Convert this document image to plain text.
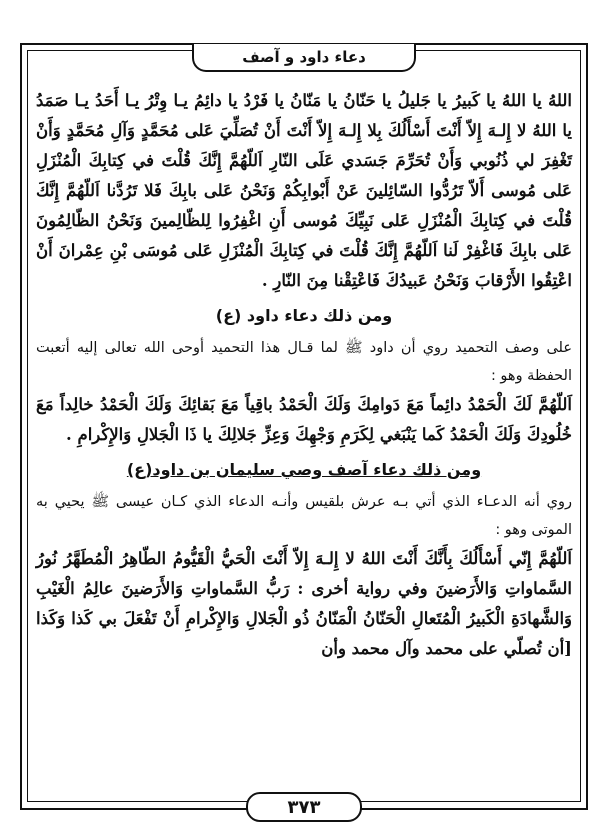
دعاء داود و آصف

اللهُ يا اللهُ يا كَبيرُ يا جَليلُ يا حَنّانُ يا مَنّانُ يا فَرْدُ يا دائِمُ يـا وِتْرُ يـا أَحَدُ يـا صَمَدُ يا اللهُ لا إِلـهَ إِلاّ أَنْتَ أَسْأَلُكَ بِلا إِلـهَ إِلاّ أَنْتَ أَنْ تُصَلِّيَ عَلى مُحَمَّدٍ وَآلِ مُحَمَّدٍ وَأَنْ تَغْفِرَ لي ذُنُوبي وَأَنْ تُحَرِّمَ جَسَدي عَلَى النّارِ اَللّهُمَّ إِنَّكَ قُلْتَ في كِتابِكَ الْمُنْزَلِ عَلى مُوسى أَلاّ تَرُدُّوا السّائِلينَ عَنْ أَبْوابِكُمْ وَنَحْنُ عَلى بابِكَ فَلا تَرُدَّنا اَللّهُمَّ إِنَّكَ قُلْتَ في كِتابِكَ الْمُنْزَلِ عَلى نَبِيِّكَ مُوسى أَنِ اغْفِرُوا لِلظّالِمينَ وَنَحْنُ الظّالِمُونَ عَلى بابِكَ فَاغْفِرْ لَنا اَللّهُمَّ إِنَّكَ قُلْتَ في كِتابِكَ الْمُنْزَلِ عَلى مُوسَى بْنِ عِمْرانَ أَنْ اعْتِقُوا الأَرْقابَ وَنَحْنُ عَبيدُكَ فَاعْتِقْنا مِنَ النّارِ .

ومن ذلك دعاء داود (ع)

على وصف التحميد روي أن داود ﷺ لما قـال هذا التحميد أوحى الله تعالى إليه أتعبت الحفظة وهو :

اَللّهُمَّ لَكَ الْحَمْدُ دائِماً مَعَ دَوامِكَ وَلَكَ الْحَمْدُ باقِياً مَعَ بَقائِكَ وَلَكَ الْحَمْدُ خالِداً مَعَ خُلُودِكَ وَلَكَ الْحَمْدُ كَما يَنْبَغي لِكَرَمِ وَجْهِكَ وَعِزِّ جَلالِكَ يا ذَا الْجَلالِ وَالإِكْرامِ .

ومن ذلك دعاء آصف وصي سليمان بن داود(ع)

روي أنه الدعـاء الذي أتي بـه عرش بلقيس وأنـه الدعاء الذي كـان عيسى ﷺ يحيي به الموتى وهو :

اَللّهُمَّ إِنّي أَسْأَلُكَ بِأَنَّكَ أَنْتَ اللهُ لا إِلـهَ إِلاّ أَنْتَ الْحَيُّ الْقَيُّومُ الطّاهِرُ الْمُطَهَّرُ نُورُ السَّماواتِ وَالأَرَضينَ وفي رواية أخرى : رَبُّ السَّماواتِ وَالأَرَضينَ عالِمُ الْغَيْبِ وَالشَّهادَةِ الْكَبيرُ الْمُتَعالِ الْحَنّانُ الْمَنّانُ ذُو الْجَلالِ وَالإِكْرامِ أَنْ تَفْعَلَ بي كَذا وَكَذا [أن تُصلّي على محمد وآل محمد وأن

٣٧٣
